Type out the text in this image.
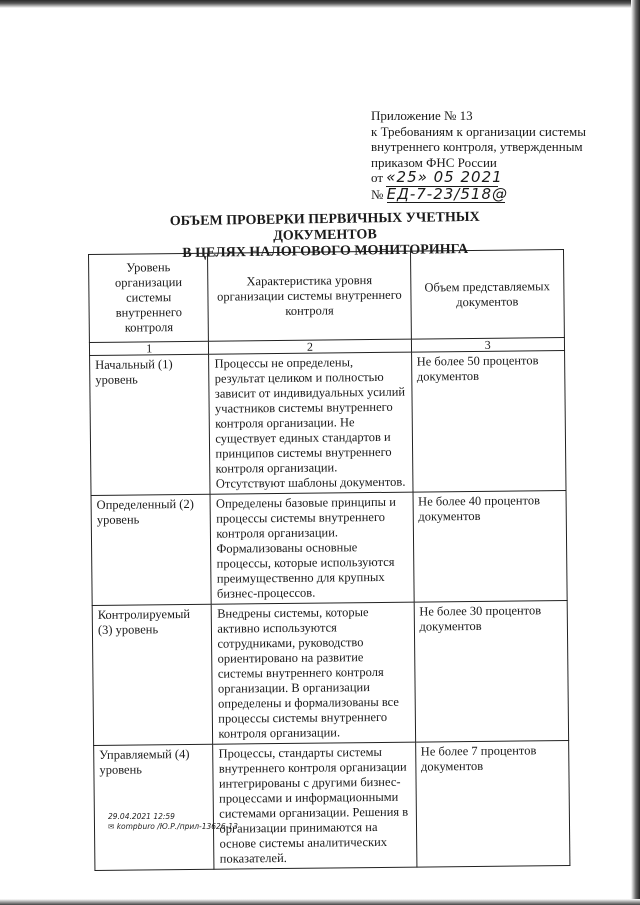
Приложение № 13
к Требованиям к организации системы
внутреннего контроля, утвержденным
приказом ФНС России
от «25» 05 2021
№ ЕД-7-23/518@
ОБЪЕМ ПРОВЕРКИ ПЕРВИЧНЫХ УЧЕТНЫХ ДОКУМЕНТОВ
В ЦЕЛЯХ НАЛОГОВОГО МОНИТОРИНГА
Уровень организации системы внутреннего контроля	Характеристика уровня организации системы внутреннего контроля	Объем представляемых документов
1	2	3
Начальный (1) уровень	Процессы не определены, результат целиком и полностью зависит от индивидуальных усилий участников системы внутреннего контроля организации. Не существует единых стандартов и принципов системы внутреннего контроля организации. Отсутствуют шаблоны документов.	Не более 50 процентов документов
Определенный (2) уровень	Определены базовые принципы и процессы системы внутреннего контроля организации. Формализованы основные процессы, которые используются преимущественно для крупных бизнес-процессов.	Не более 40 процентов документов
Контролируемый (3) уровень	Внедрены системы, которые активно используются сотрудниками, руководство ориентировано на развитие системы внутреннего контроля организации. В организации определены и формализованы все процессы системы внутреннего контроля организации.	Не более 30 процентов документов
Управляемый (4) уровень	Процессы, стандарты системы внутреннего контроля организации интегрированы с другими бизнес-процессами и информационными системами организации. Решения в организации принимаются на основе системы аналитических показателей.	Не более 7 процентов документов
29.04.2021 12:59
✉ kompburo /Ю.Р./прил-13626-13
